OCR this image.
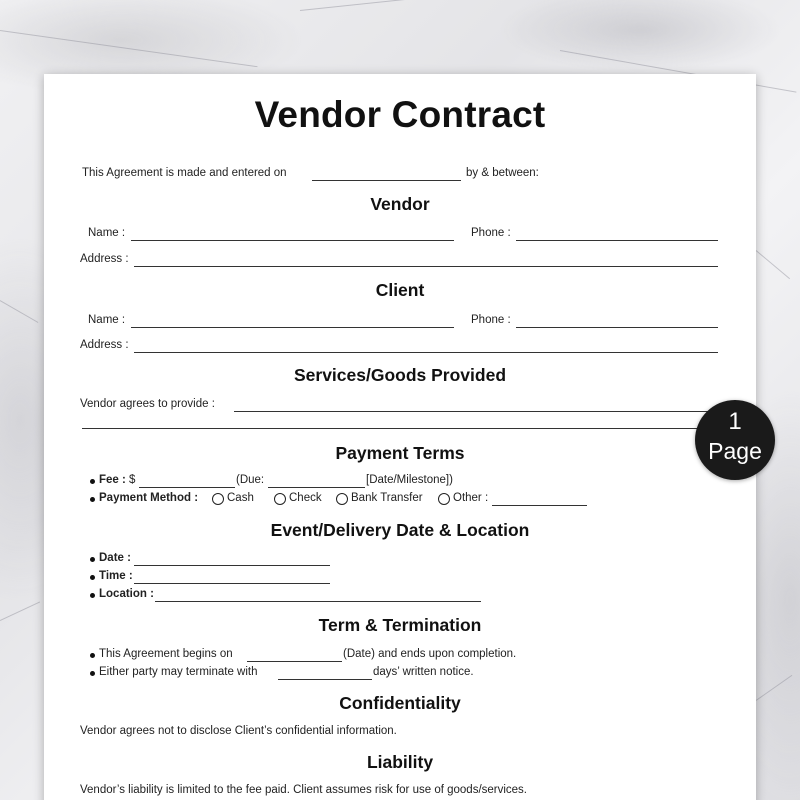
Vendor Contract
This Agreement is made and entered on	by & between:
Vendor
Name :	Phone :
Address :
Client
Name :	Phone :
Address :
Services/Goods Provided
Vendor agrees to provide :
Payment Terms
Fee : $	(Due:	[Date/Milestone])
Payment Method :	Cash	Check	Bank Transfer	Other :
Event/Delivery Date & Location
Date :
Time :
Location :
Term & Termination
This Agreement begins on	(Date) and ends upon completion.
Either party may terminate with	days’ written notice.
Confidentiality
Vendor agrees not to disclose Client’s confidential information.
Liability
Vendor’s liability is limited to the fee paid. Client assumes risk for use of goods/services.
1
Page
